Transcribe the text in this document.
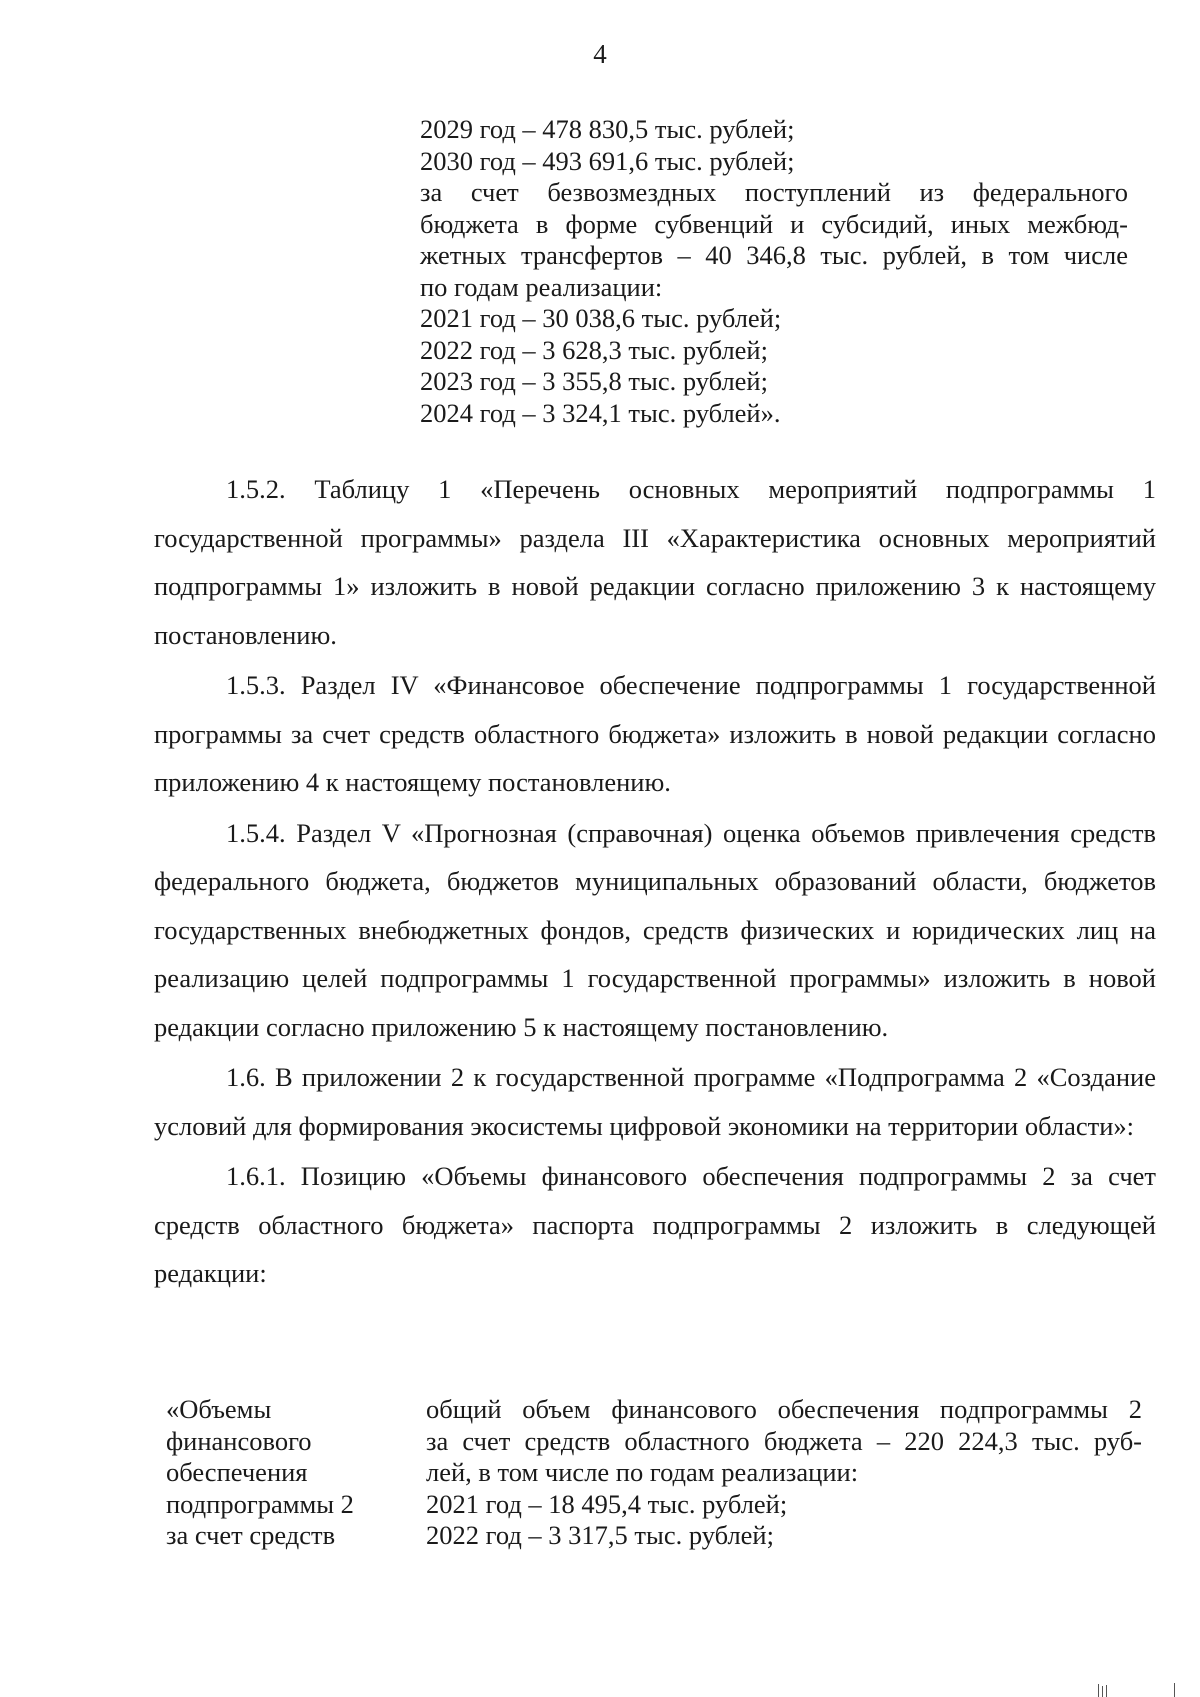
4
2029 год – 478 830,5 тыс. рублей;
2030 год – 493 691,6 тыс. рублей;
за счет безвозмездных поступлений из федерального
бюджета в форме субвенций и субсидий, иных межбюд-
жетных трансфертов – 40 346,8 тыс. рублей, в том числе
по годам реализации:
2021 год – 30 038,6 тыс. рублей;
2022 год – 3 628,3 тыс. рублей;
2023 год – 3 355,8 тыс. рублей;
2024 год – 3 324,1 тыс. рублей».

1.5.2. Таблицу 1 «Перечень основных мероприятий подпрограммы 1 государственной программы» раздела III «Характеристика основных мероприятий подпрограммы 1» изложить в новой редакции согласно приложению 3 к настоящему постановлению.

1.5.3. Раздел IV «Финансовое обеспечение подпрограммы 1 государственной программы за счет средств областного бюджета» изложить в новой редакции согласно приложению 4 к настоящему постановлению.

1.5.4. Раздел V «Прогнозная (справочная) оценка объемов привлечения средств федерального бюджета, бюджетов муниципальных образований области, бюджетов государственных внебюджетных фондов, средств физических и юридических лиц на реализацию целей подпрограммы 1 государственной программы» изложить в новой редакции согласно приложению 5 к настоящему постановлению.

1.6. В приложении 2 к государственной программе «Подпрограмма 2 «Создание условий для формирования экосистемы цифровой экономики на территории области»:

1.6.1. Позицию «Объемы финансового обеспечения подпрограммы 2 за счет средств областного бюджета» паспорта подпрограммы 2 изложить в следующей редакции:

«Объемы
финансового
обеспечения
подпрограммы 2
за счет средств
общий объем финансового обеспечения подпрограммы 2
за счет средств областного бюджета – 220 224,3 тыс. руб-
лей, в том числе по годам реализации:
2021 год – 18 495,4 тыс. рублей;
2022 год – 3 317,5 тыс. рублей;
